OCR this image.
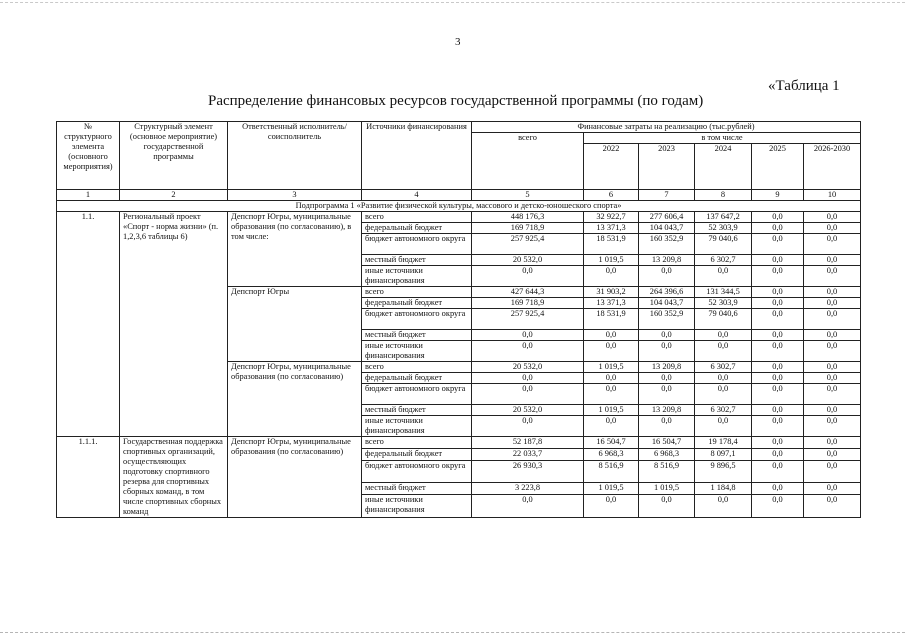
3
«Таблица 1
Распределение финансовых ресурсов государственной программы (по годам)
№ структурного элемента (основного мероприятия)	Структурный элемент (основное мероприятие) государственной программы	Ответственный исполнитель/соисполнитель	Источники финансирования	Финансовые затраты на реализацию (тыс.рублей)					
				всего	в том числе				
					2022	2023	2024	2025	2026-2030
1	2	3	4	5	6	7	8	9	10
Подпрограмма 1 «Развитие физической культуры, массового и детско-юношеского спорта»									
1.1.	Региональный проект «Спорт - норма жизни» (п. 1,2,3,6 таблицы 6)	Депспорт Югры, муниципальные образования (по согласованию), в том числе:	всего	448 176,3	32 922,7	277 606,4	137 647,2	0,0	0,0
			федеральный бюджет	169 718,9	13 371,3	104 043,7	52 303,9	0,0	0,0
			бюджет автономного округа	257 925,4	18 531,9	160 352,9	79 040,6	0,0	0,0
			местный бюджет	20 532,0	1 019,5	13 209,8	6 302,7	0,0	0,0
			иные источники финансирования	0,0	0,0	0,0	0,0	0,0	0,0
		Депспорт Югры	всего	427 644,3	31 903,2	264 396,6	131 344,5	0,0	0,0
			федеральный бюджет	169 718,9	13 371,3	104 043,7	52 303,9	0,0	0,0
			бюджет автономного округа	257 925,4	18 531,9	160 352,9	79 040,6	0,0	0,0
			местный бюджет	0,0	0,0	0,0	0,0	0,0	0,0
			иные источники финансирования	0,0	0,0	0,0	0,0	0,0	0,0
		Депспорт Югры, муниципальные образования (по согласованию)	всего	20 532,0	1 019,5	13 209,8	6 302,7	0,0	0,0
			федеральный бюджет	0,0	0,0	0,0	0,0	0,0	0,0
			бюджет автономного округа	0,0	0,0	0,0	0,0	0,0	0,0
			местный бюджет	20 532,0	1 019,5	13 209,8	6 302,7	0,0	0,0
			иные источники финансирования	0,0	0,0	0,0	0,0	0,0	0,0
1.1.1.	Государственная поддержка спортивных организаций, осуществляющих подготовку спортивного резерва для спортивных сборных команд, в том числе спортивных сборных команд	Депспорт Югры, муниципальные образования (по согласованию)	всего	52 187,8	16 504,7	16 504,7	19 178,4	0,0	0,0
			федеральный бюджет	22 033,7	6 968,3	6 968,3	8 097,1	0,0	0,0
			бюджет автономного округа	26 930,3	8 516,9	8 516,9	9 896,5	0,0	0,0
			местный бюджет	3 223,8	1 019,5	1 019,5	1 184,8	0,0	0,0
			иные источники финансирования	0,0	0,0	0,0	0,0	0,0	0,0
